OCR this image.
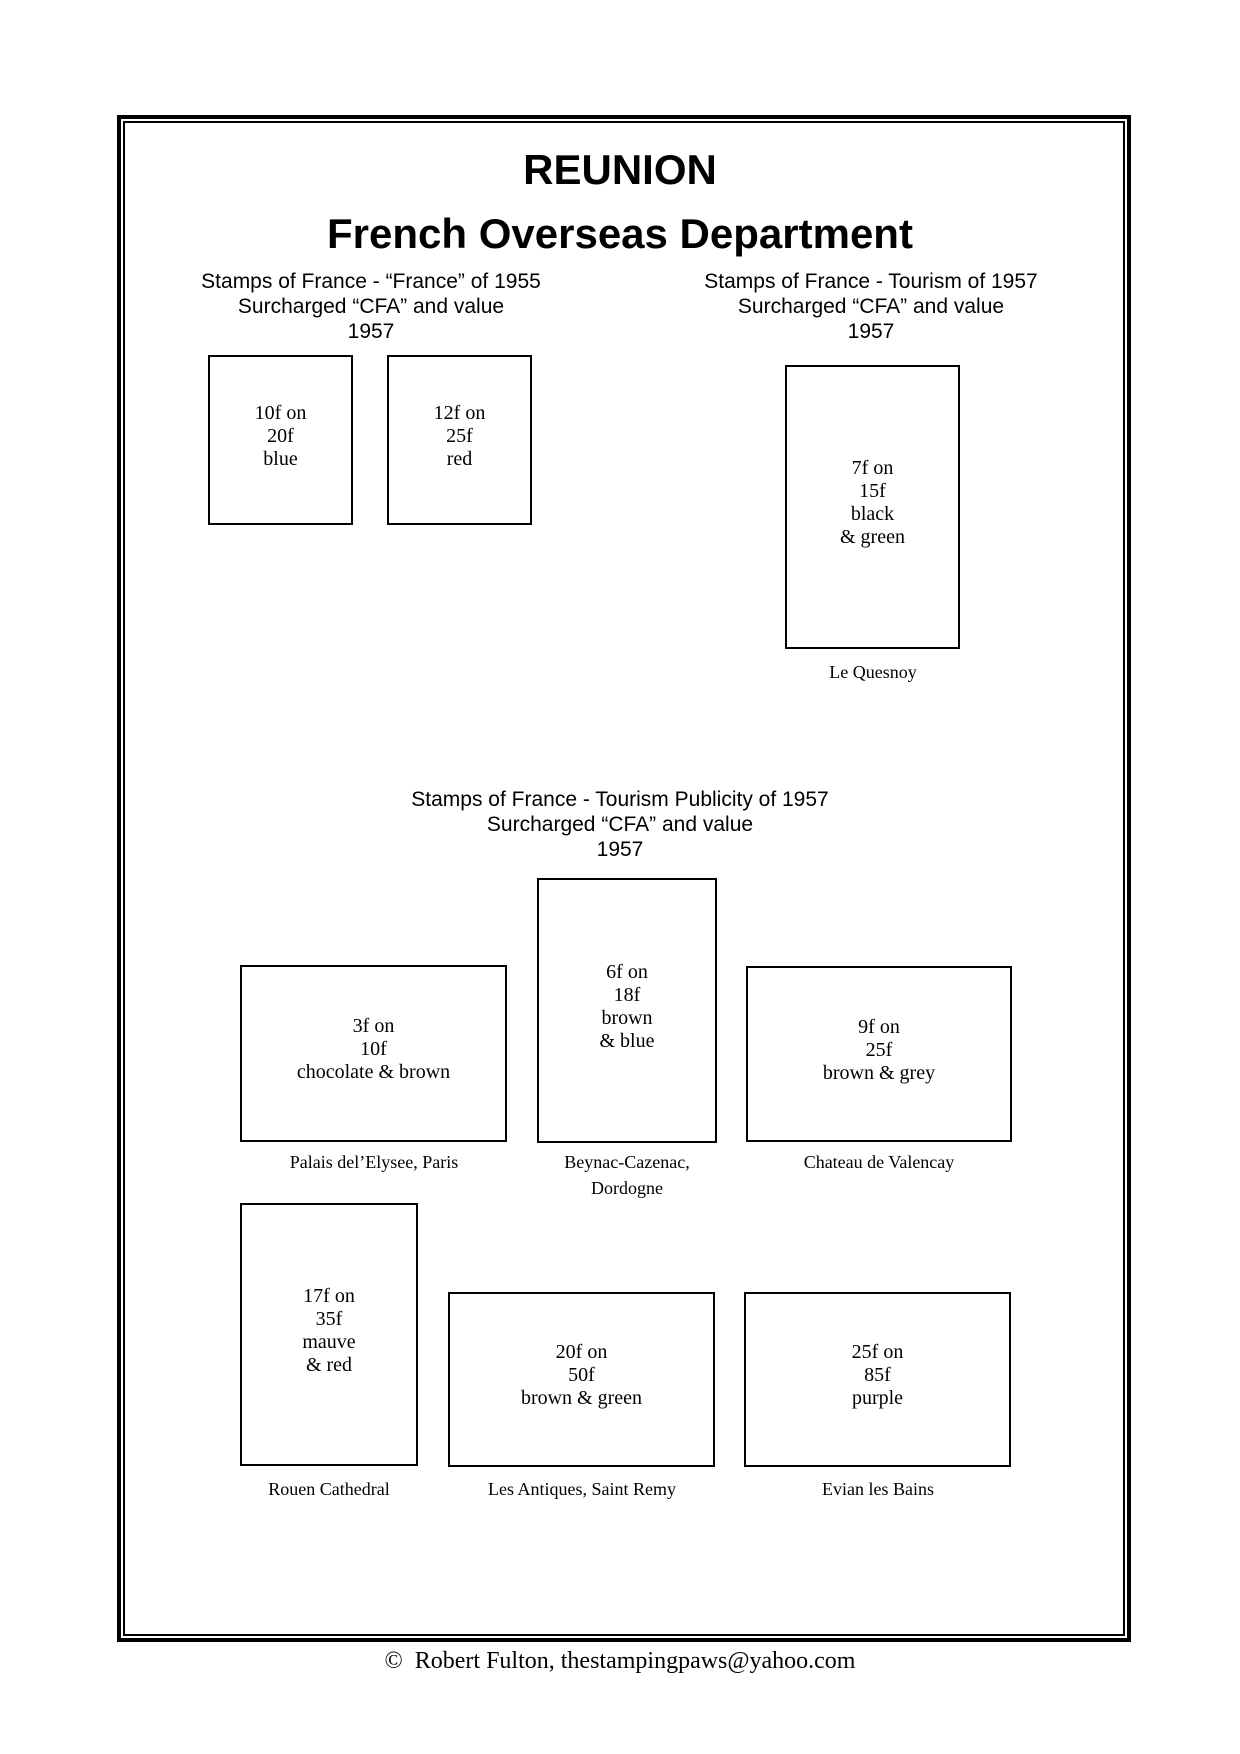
REUNION
French Overseas Department
Stamps of France - “France” of 1955
Surcharged “CFA” and value
1957
Stamps of France - Tourism of 1957
Surcharged “CFA” and value
1957
Stamps of France - Tourism Publicity of 1957
Surcharged “CFA” and value
1957
10f on
20f
blue
12f on
25f
red	7f on
15f
black
& green
Le Quesnoy
3f on
10f
chocolate & brown
6f on
18f
brown
& blue
9f on
25f
brown & grey
Palais del’Elysee, Paris	Beynac-Cazenac,
Dordogne
Chateau de Valencay
17f on
35f
mauve
& red
20f on
50f
brown & green
25f on
85f
purple
Rouen Cathedral	Les Antiques, Saint Remy	Evian les Bains
©  Robert Fulton, thestampingpaws@yahoo.com
